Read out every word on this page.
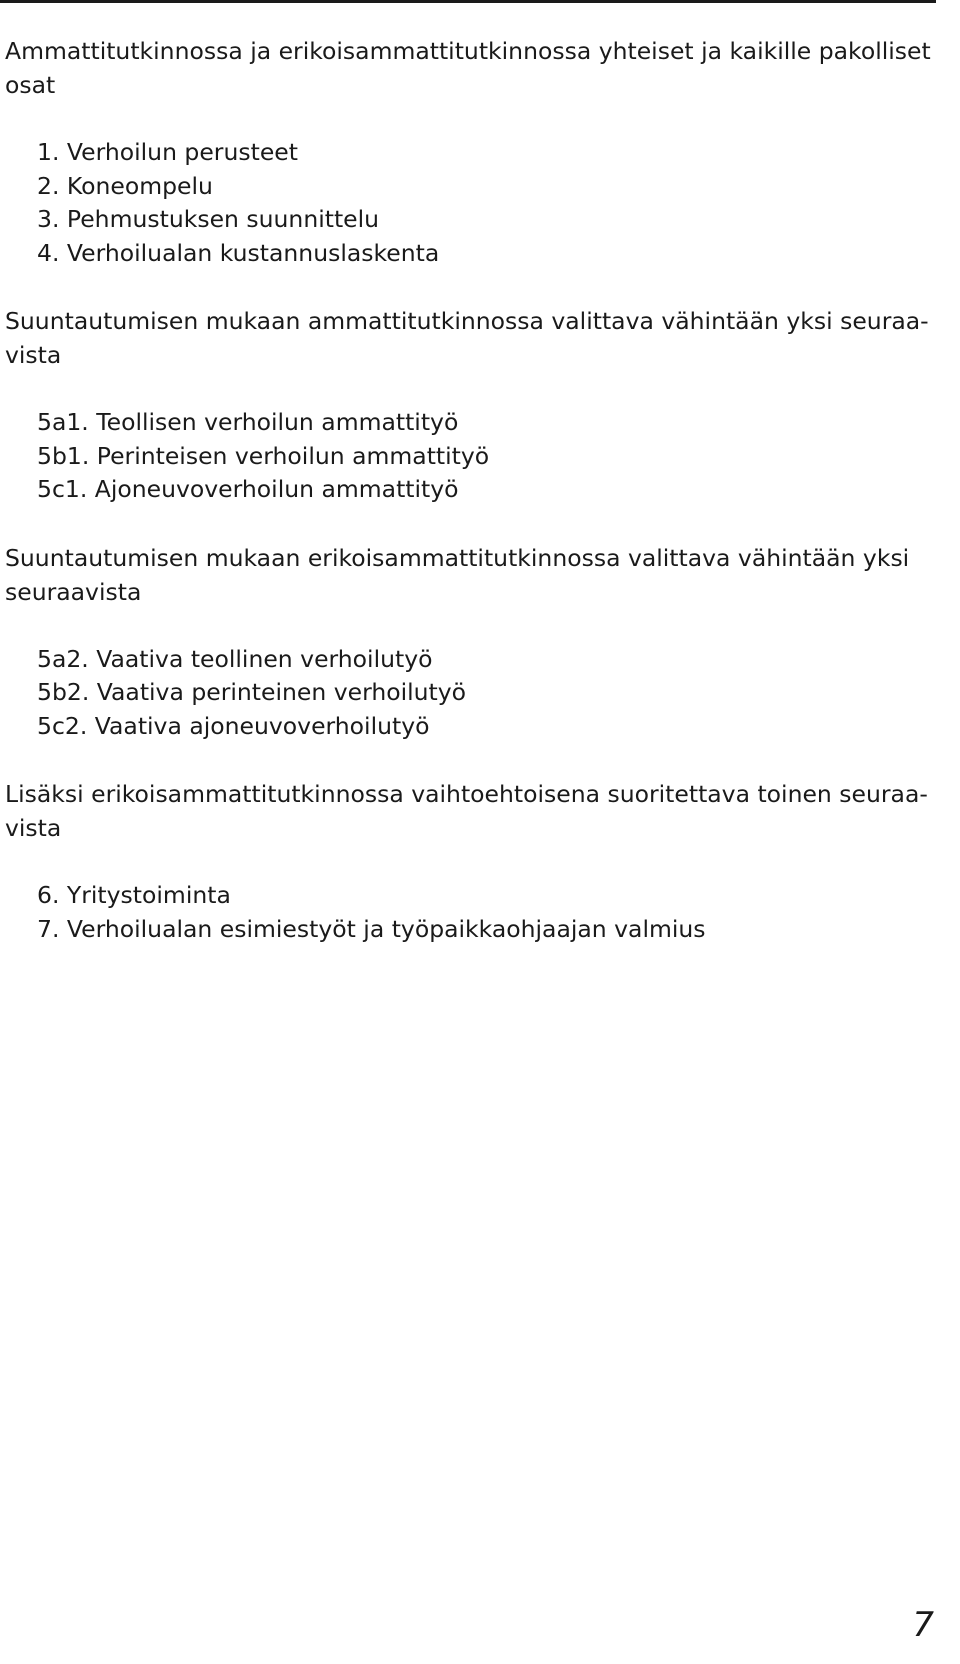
Ammattitutkinnossa ja erikoisammattitutkinnossa yhteiset ja kaikille pakolliset osat

1. Verhoilun perusteet
2. Koneompelu
3. Pehmustuksen suunnittelu
4. Verhoilualan kustannuslaskenta

Suuntautumisen mukaan ammattitutkinnossa valittava vähintään yksi seuraa-vista

5a1. Teollisen verhoilun ammattityö
5b1. Perinteisen verhoilun ammattityö
5c1. Ajoneuvoverhoilun ammattityö

Suuntautumisen mukaan erikoisammattitutkinnossa valittava vähintään yksi seuraavista

5a2. Vaativa teollinen verhoilutyö
5b2. Vaativa perinteinen verhoilutyö
5c2. Vaativa ajoneuvoverhoilutyö

Lisäksi erikoisammattitutkinnossa vaihtoehtoisena suoritettava toinen seuraa-vista

6. Yritystoiminta
7. Verhoilualan esimiestyöt ja työpaikkaohjaajan valmius
7
